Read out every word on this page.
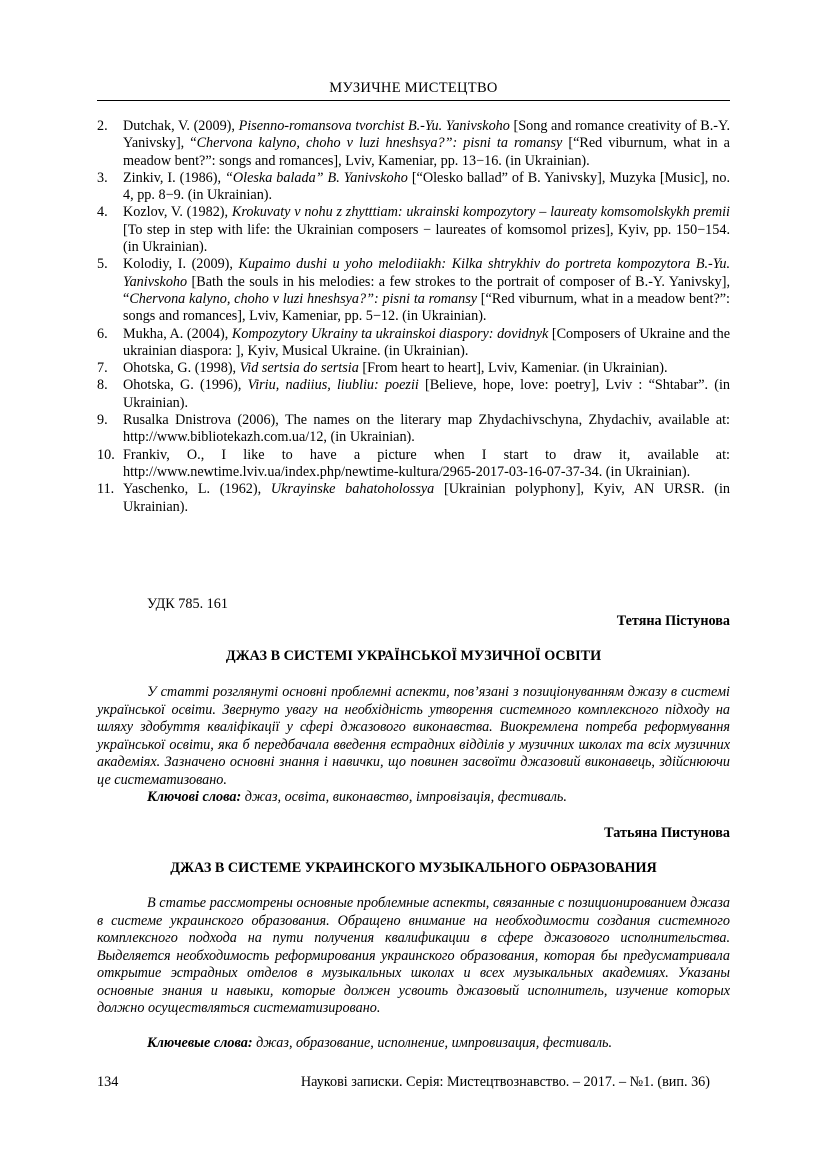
МУЗИЧНЕ МИСТЕЦТВО
2. Dutchak, V. (2009), Pisenno-romansova tvorchist B.-Yu. Yanivskoho [Song and romance creativity of B.-Y. Yanivsky], “Chervona kalyno, choho v luzi hneshsya?”: pisni ta romansy [“Red viburnum, what in a meadow bent?”: songs and romances], Lviv, Kameniar, pp. 13−16. (in Ukrainian).
3. Zinkiv, I. (1986), “Oleska balada” B. Yanivskoho [“Olesko ballad” of B. Yanivsky], Muzyka [Music], no. 4, pp. 8−9. (in Ukrainian).
4. Kozlov, V. (1982), Krokuvaty v nohu z zhytttiam: ukrainski kompozytory – laureaty komsomolskykh premii [To step in step with life: the Ukrainian composers − laureates of komsomol prizes], Kyiv, pp. 150−154. (in Ukrainian).
5. Kolodiy, I. (2009), Kupaimo dushi u yoho melodiiakh: Kilka shtrykhiv do portreta kompozytora B.-Yu. Yanivskoho [Bath the souls in his melodies: a few strokes to the portrait of composer of B.-Y. Yanivsky], “Chervona kalyno, choho v luzi hneshsya?”: pisni ta romansy [“Red viburnum, what in a meadow bent?”: songs and romances], Lviv, Kameniar, pp. 5−12. (in Ukrainian).
6. Mukha, A. (2004), Kompozytory Ukrainy ta ukrainskoi diaspory: dovidnyk [Composers of Ukraine and the ukrainian diaspora: ], Kyiv, Musical Ukraine. (in Ukrainian).
7. Ohotska, G. (1998), Vid sertsia do sertsia [From heart to heart], Lviv, Kameniar. (in Ukrainian).
8. Ohotska, G. (1996), Viriu, nadiius, liubliu: poezii [Believe, hope, love: poetry], Lviv : “Shtabar”. (in Ukrainian).
9. Rusalka Dnistrova (2006), The names on the literary map Zhydachivschyna, Zhydachiv, available at: http://www.bibliotekazh.com.ua/12, (in Ukrainian).
10. Frankiv, O., I like to have a picture when I start to draw it, available at: http://www.newtime.lviv.ua/index.php/newtime-kultura/2965-2017-03-16-07-37-34. (in Ukrainian).
11. Yaschenko, L. (1962), Ukrayinske bahatoholossya [Ukrainian polyphony], Kyiv, AN URSR. (in Ukrainian).
УДК 785. 161
Тетяна Пістунова
ДЖАЗ В СИСТЕМІ УКРАЇНСЬКОЇ МУЗИЧНОЇ ОСВІТИ

У статті розглянуті основні проблемні аспекти, пов’язані з позиціонуванням джазу в системі української освіти. Звернуто увагу на необхідність утворення системного комплексного підходу на шляху здобуття кваліфікації у сфері джазового виконавства. Виокремлена потреба реформування української освіти, яка б передбачала введення естрадних відділів у музичних школах та всіх музичних академіях. Зазначено основні знання і навички, що повинен засвоїти джазовий виконавець, здійснюючи це систематизовано.

Ключові слова: джаз, освіта, виконавство, імпровізація, фестиваль.
Татьяна Пистунова
ДЖАЗ В СИСТЕМЕ УКРАИНСКОГО МУЗЫКАЛЬНОГО ОБРАЗОВАНИЯ

В статье рассмотрены основные проблемные аспекты, связанные с позиционированием джаза в системе украинского образования. Обращено внимание на необходимости создания системного комплексного подхода на пути получения квалификации в сфере джазового исполнительства. Выделяется необходимость реформирования украинского образования, которая бы предусматривала открытие эстрадных отделов в музыкальных школах и всех музыкальных академиях. Указаны основные знания и навыки, которые должен усвоить джазовый исполнитель, изучение которых должно осуществляться систематизировано.

Ключевые слова: джаз, образование, исполнение, импровизация, фестиваль.
134	Наукові записки. Серія: Мистецтвознавство. – 2017. – №1. (вип. 36)
